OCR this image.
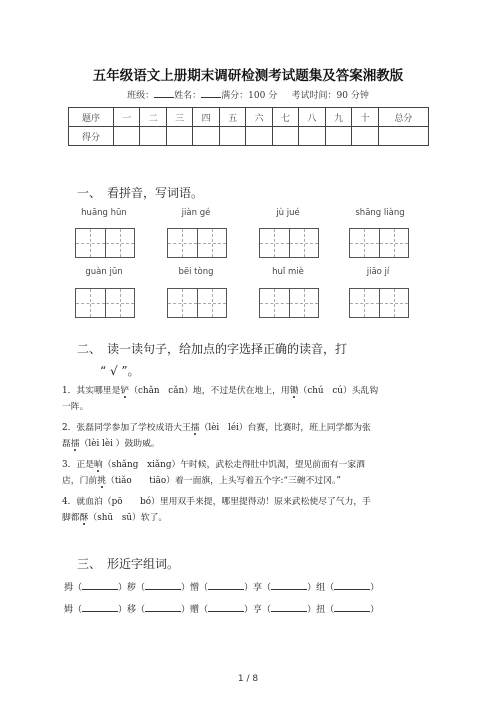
五年级语文上册期末调研检测考试题集及答案湘教版
班级： 姓名： 满分：100 分 考试时间：90 分钟
题序	一	二	三	四	五	六	七	八	九	十	总分
得分											
一、　看拼音，写词语。
huāng hūn	jiàn gé	jù jué	shāng liàng
guàn jūn	bēi tòng	huǐ miè	jiāo jí
二、　读一读句子，给加点的字选择正确的读音，打
“ √ ”。
1．其实哪里是铲（chǎn　cǎn）地，不过是伏在地上，用锄（chú　cú）头乱钩
一阵。
2．张磊同学参加了学校成语大王擂（lèi　léi）台赛，比赛时，班上同学都为张
磊擂（lèi lèi ）鼓助威。
3．正是晌（shǎng　xiǎng）午时候，武松走得肚中饥渴，望见前面有一家酒
店，门前挑（tiǎo　　tiāo）着一面旗，上头写着五个字:“三碗不过冈。”
4．就血泊（pō　　bó）里用双手来提，哪里提得动！原来武松使尽了气力，手
脚都酥（shū　sū）软了。
三、　形近字组词。
拇（	）秽（	）憎（	）享（	）组（	）
姆（	）移（	）赠（	）亨（	）扭（	）
1 / 8
